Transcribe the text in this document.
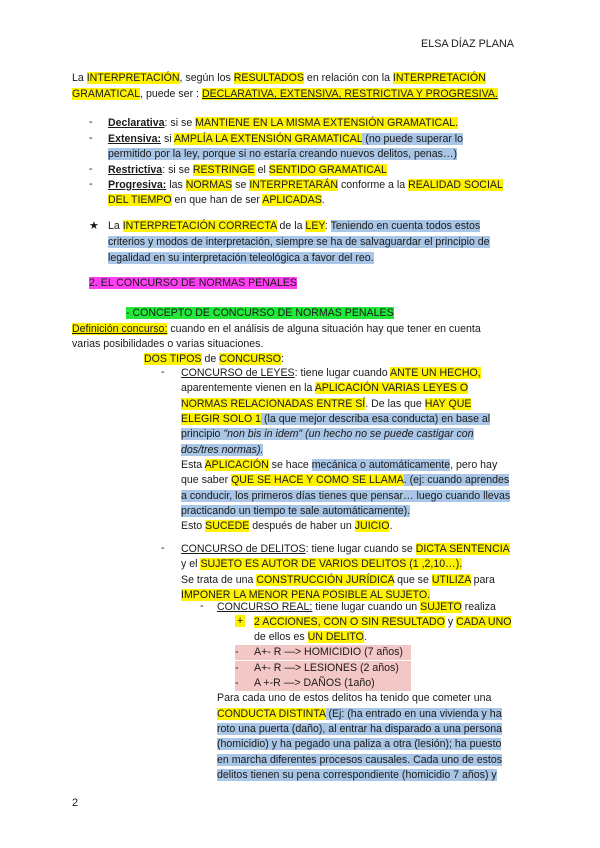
ELSA DÍAZ PLANA
La INTERPRETACIÓN, según los RESULTADOS en relación con la INTERPRETACIÓN
GRAMATICAL, puede ser : DECLARATIVA, EXTENSIVA, RESTRICTIVA Y PROGRESIVA.
- Declarativa: si se MANTIENE EN LA MISMA EXTENSIÓN GRAMATICAL.
- Extensiva: si AMPLÍA LA EXTENSIÓN GRAMATICAL (no puede superar lo
permitido por la ley, porque si no estaría creando nuevos delitos, penas…)
- Restrictiva: si se RESTRINGE el SENTIDO GRAMATICAL
- Progresiva: las NORMAS se INTERPRETARÁN conforme a la REALIDAD SOCIAL
DEL TIEMPO en que han de ser APLICADAS.
★ La INTERPRETACIÓN CORRECTA de la LEY: Teniendo en cuenta todos estos
criterios y modos de interpretación, siempre se ha de salvaguardar el principio de
legalidad en su interpretación teleológica a favor del reo.
2. EL CONCURSO DE NORMAS PENALES
- CONCEPTO DE CONCURSO DE NORMAS PENALES
Definición concurso: cuando en el análisis de alguna situación hay que tener en cuenta
varias posibilidades o varias situaciones.
DOS TIPOS de CONCURSO:
- CONCURSO de LEYES: tiene lugar cuando ANTE UN HECHO,
aparentemente vienen en la APLICACIÓN VARIAS LEYES O
NORMAS RELACIONADAS ENTRE SÍ. De las que HAY QUE
ELEGIR SOLO 1 (la que mejor describa esa conducta) en base al
principio "non bis in idem" (un hecho no se puede castigar con
dos/tres normas).
Esta APLICACIÓN se hace mecánica o automáticamente, pero hay
que saber QUE SE HACE Y COMO SE LLAMA. (ej: cuando aprendes
a conducir, los primeros días tienes que pensar… luego cuando llevas
practicando un tiempo te sale automáticamente).
Esto SUCEDE después de haber un JUICIO.
- CONCURSO de DELITOS: tiene lugar cuando se DICTA SENTENCIA
y el SUJETO ES AUTOR DE VARIOS DELITOS (1 ,2,10…).
Se trata de una CONSTRUCCIÓN JURÍDICA que se UTILIZA para
IMPONER LA MENOR PENA POSIBLE AL SUJETO.
- CONCURSO REAL: tiene lugar cuando un SUJETO realiza
+ 2 ACCIONES, CON O SIN RESULTADO y CADA UNO
de ellos es UN DELITO.
- A+- R —> HOMICIDIO (7 años)
- A+- R —> LESIONES (2 años)
- A +-R —> DAÑOS (1año)
Para cada uno de estos delitos ha tenido que cometer una
CONDUCTA DISTINTA (Ej: (ha entrado en una vivienda y ha
roto una puerta (daño), al entrar ha disparado a una persona
(homicidio) y ha pegado una paliza a otra (lesión); ha puesto
en marcha diferentes procesos causales. Cada uno de estos
delitos tienen su pena correspondiente (homicidio 7 años) y
2
